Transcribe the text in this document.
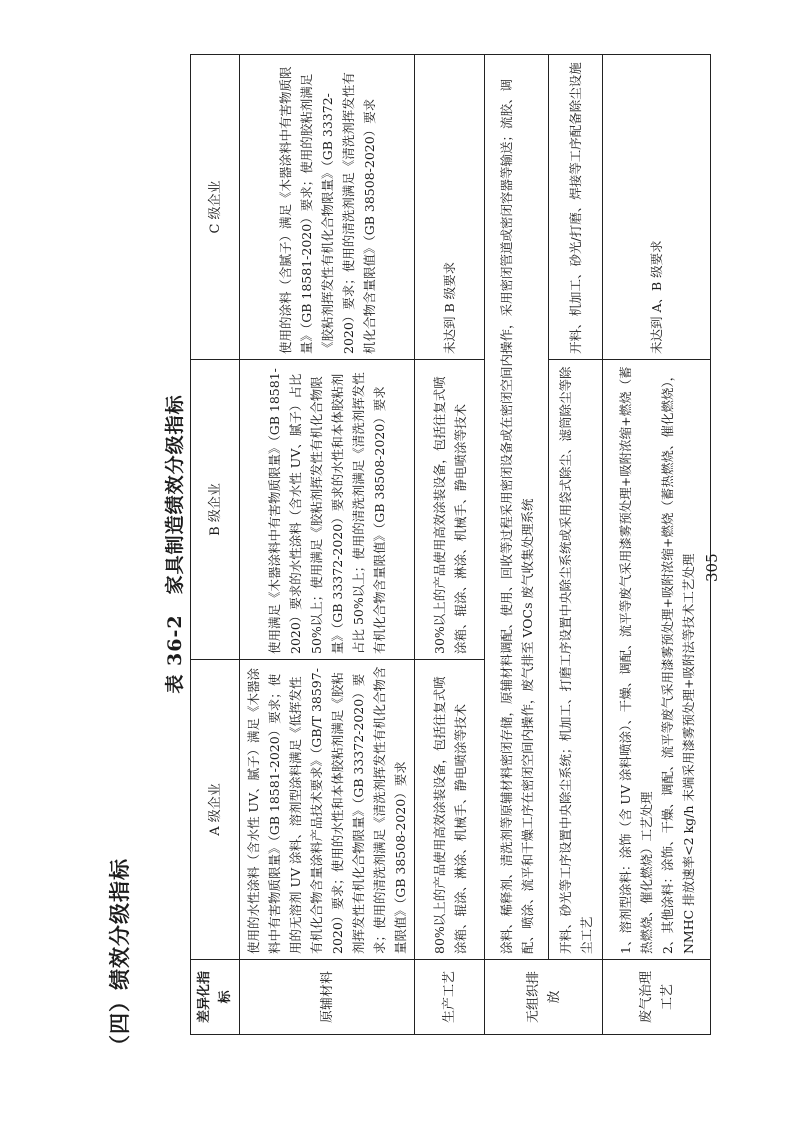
（四）绩效分级指标
表 36-2　家具制造绩效分级指标
差异化指标	A 级企业	B 级企业	C 级企业
原辅材料	使用的水性涂料（含水性 UV、腻子）满足《木器涂料中有害物质限量》（GB 18581-2020）要求；使用的无溶剂 UV 涂料、溶剂型涂料满足《低挥发性有机化合物含量涂料产品技术要求》（GB/T 38597-2020）要求；使用的水性和本体胶粘剂满足《胶粘剂挥发性有机化合物限量》（GB 33372-2020）要求；使用的清洗剂满足《清洗剂挥发性有机化合物含量限值》（GB 38508-2020）要求	使用满足《木器涂料中有害物质限量》（GB 18581-2020）要求的水性涂料（含水性 UV、腻子）占比 50%以上；使用满足《胶粘剂挥发性有机化合物限量》（GB 33372-2020）要求的水性和本体胶粘剂占比 50%以上；使用的清洗剂满足《清洗剂挥发性有机化合物含量限值》（GB 38508-2020）要求	使用的涂料（含腻子）满足《木器涂料中有害物质限量》（GB 18581-2020）要求；使用的胶粘剂满足《胶粘剂挥发性有机化合物限量》（GB 33372-2020）要求；使用的清洗剂满足《清洗剂挥发性有机化合物含量限值》（GB 38508-2020）要求
生产工艺	80%以上的产品使用高效涂装设备，包括往复式喷涂箱、辊涂、淋涂、机械手、静电喷涂等技术	30%以上的产品使用高效涂装设备，包括往复式喷涂箱、辊涂、淋涂、机械手、静电喷涂等技术	未达到 B 级要求
无组织排放	涂料、稀释剂、清洗剂等原辅材料密闭存储，原辅材料调配、使用、回收等过程采用密闭设备或在密闭空间内操作，采用密闭管道或密闭容器等输送；流胶、调配、喷涂、流平和干燥工序在密闭空间内操作，废气排至 VOCs 废气收集处理系统		
	开料、砂光等工序设置中央除尘系统；机加工、打磨工序设置中央除尘系统或采用袋式除尘、滤筒除尘等除尘工艺		开料、机加工、砂光/打磨、焊接等工序配备除尘设施
废气治理工艺	1、溶剂型涂料：涂饰（含 UV 涂料喷涂）、干燥、调配、流平等废气采用漆雾预处理+吸附浓缩+燃烧（蓄热燃烧、催化燃烧）工艺处理 2、其他涂料：涂饰、干燥、调配、流平等废气采用漆雾预处理+吸附浓缩+燃烧（蓄热燃烧、催化燃烧），NMHC 排放速率<2 kg/h 末端采用漆雾预处理+吸附法等技术工艺处理		未达到 A、B 级要求
305
